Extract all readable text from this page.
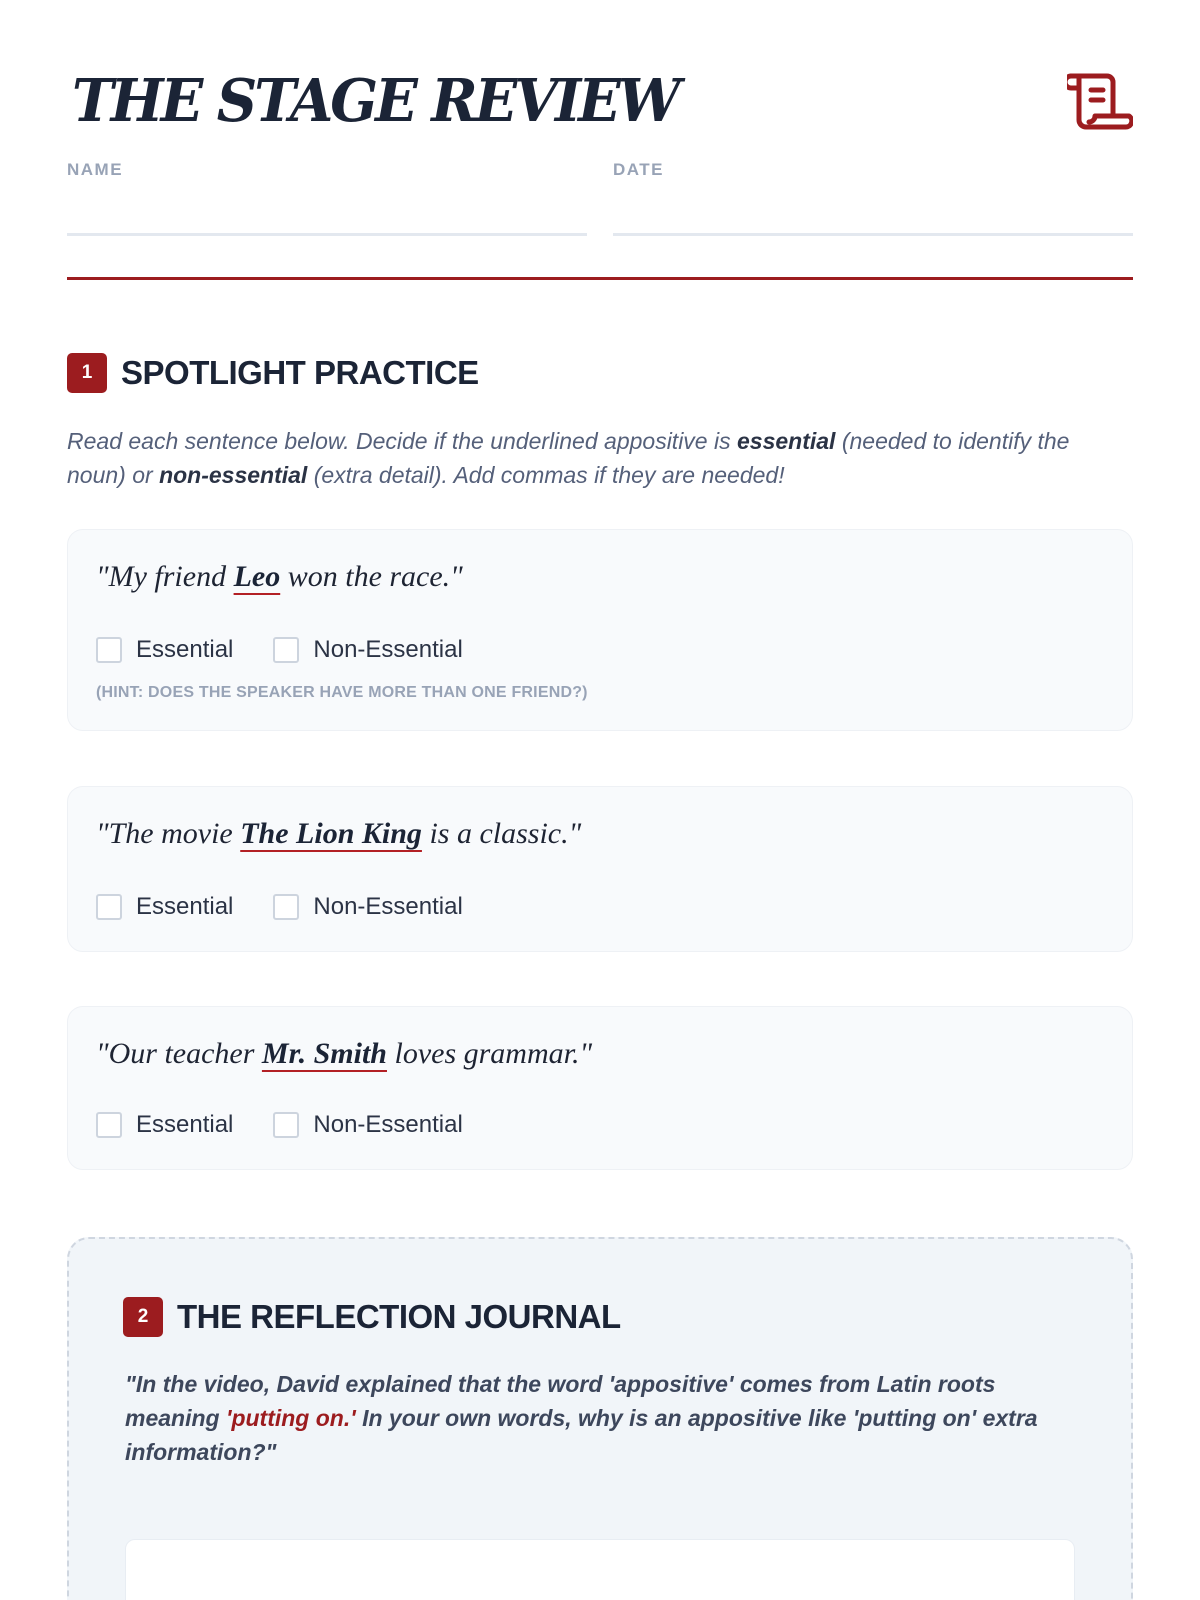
THE STAGE REVIEW
NAME	DATE
1 SPOTLIGHT PRACTICE
Read each sentence below. Decide if the underlined appositive is essential (needed to identify the noun) or non-essential (extra detail). Add commas if they are needed!
"My friend Leo won the race."
Essential	Non-Essential
(HINT: DOES THE SPEAKER HAVE MORE THAN ONE FRIEND?)
"The movie The Lion King is a classic."
Essential	Non-Essential
"Our teacher Mr. Smith loves grammar."
Essential	Non-Essential
2 THE REFLECTION JOURNAL
"In the video, David explained that the word 'appositive' comes from Latin roots meaning 'putting on.' In your own words, why is an appositive like 'putting on' extra information?"
